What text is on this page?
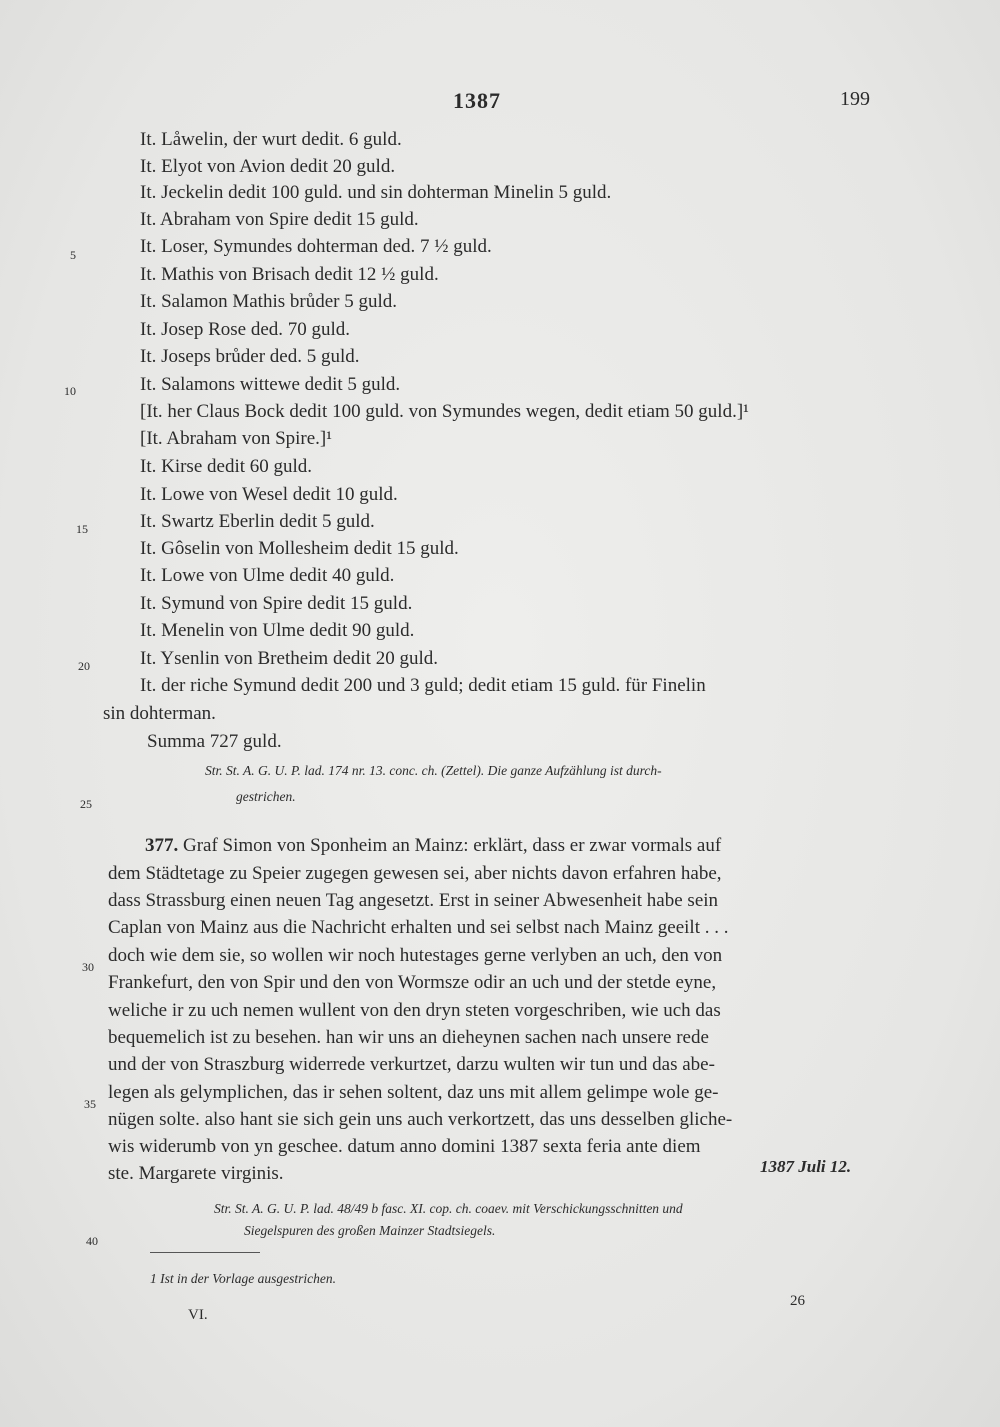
1387	199
It. Låwelin, der wurt dedit. 6 guld.
It. Elyot von Avion dedit 20 guld.
It. Jeckelin dedit 100 guld. und sin dohterman Minelin 5 guld.
It. Abraham von Spire dedit 15 guld.
It. Loser, Symundes dohterman ded. 7 ½ guld.
It. Mathis von Brisach dedit 12 ½ guld.
It. Salamon Mathis brůder 5 guld.
It. Josep Rose ded. 70 guld.
It. Joseps brůder ded. 5 guld.
It. Salamons wittewe dedit 5 guld.
[It. her Claus Bock dedit 100 guld. von Symundes wegen, dedit etiam 50 guld.]¹
[It. Abraham von Spire.]¹
It. Kirse dedit 60 guld.
It. Lowe von Wesel dedit 10 guld.
It. Swartz Eberlin dedit 5 guld.
It. Gôselin von Mollesheim dedit 15 guld.
It. Lowe von Ulme dedit 40 guld.
It. Symund von Spire dedit 15 guld.
It. Menelin von Ulme dedit 90 guld.
It. Ysenlin von Bretheim dedit 20 guld.
It. der riche Symund dedit 200 und 3 guld; dedit etiam 15 guld. für Finelin
sin dohterman.
Summa 727 guld.
5
10
15
20
25
30
35
40
Str. St. A. G. U. P. lad. 174 nr. 13. conc. ch. (Zettel). Die ganze Aufzählung ist durch-
gestrichen.
377. Graf Simon von Sponheim an Mainz: erklärt, dass er zwar vormals auf
dem Städtetage zu Speier zugegen gewesen sei, aber nichts davon erfahren habe,
dass Strassburg einen neuen Tag angesetzt. Erst in seiner Abwesenheit habe sein
Caplan von Mainz aus die Nachricht erhalten und sei selbst nach Mainz geeilt . . .
doch wie dem sie, so wollen wir noch hutestages gerne verlyben an uch, den von
Frankefurt, den von Spir und den von Wormsze odir an uch und der stetde eyne,
weliche ir zu uch nemen wullent von den dryn steten vorgeschriben, wie uch das
bequemelich ist zu besehen. han wir uns an dieheynen sachen nach unsere rede
und der von Straszburg widerrede verkurtzet, darzu wulten wir tun und das abe-
legen als gelymplichen, das ir sehen soltent, daz uns mit allem gelimpe wole ge-
nügen solte. also hant sie sich gein uns auch verkortzett, das uns desselben gliche-
wis widerumb von yn geschee. datum anno domini 1387 sexta feria ante diem
ste. Margarete virginis.	1387 Juli 12.
Str. St. A. G. U. P. lad. 48/49 b fasc. XI. cop. ch. coaev. mit Verschickungsschnitten und
Siegelspuren des großen Mainzer Stadtsiegels.
1 Ist in der Vorlage ausgestrichen.
VI.
26
